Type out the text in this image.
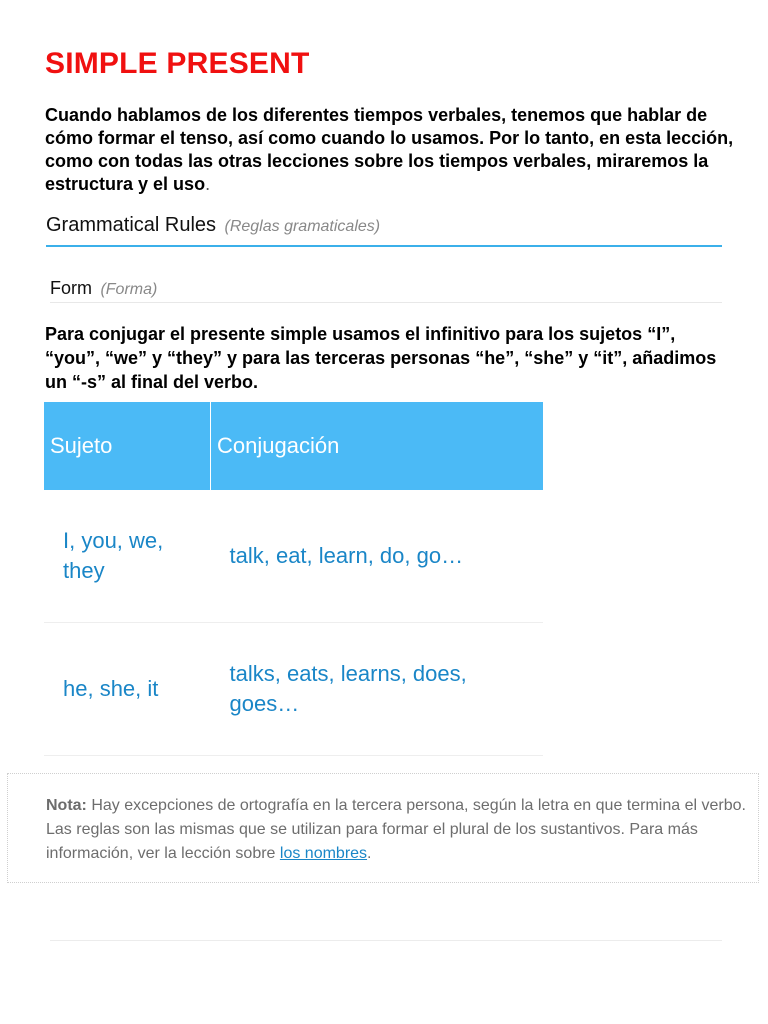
SIMPLE PRESENT

Cuando hablamos de los diferentes tiempos verbales, tenemos que hablar de cómo formar el tenso, así como cuando lo usamos. Por lo tanto, en esta lección, como con todas las otras lecciones sobre los tiempos verbales, miraremos la estructura y el uso.

Grammatical Rules (Reglas gramaticales)
Form (Forma)

Para conjugar el presente simple usamos el infinitivo para los sujetos “I”, “you”, “we” y “they” y para las terceras personas “he”, “she” y “it”, añadimos un “-s” al final del verbo.

Sujeto	Conjugación
I, you, we, they	talk, eat, learn, do, go…
he, she, it	talks, eats, learns, does, goes…
Nota: Hay excepciones de ortografía en la tercera persona, según la letra en que termina el verbo. Las reglas son las mismas que se utilizan para formar el plural de los sustantivos. Para más información, ver la lección sobre los nombres.
